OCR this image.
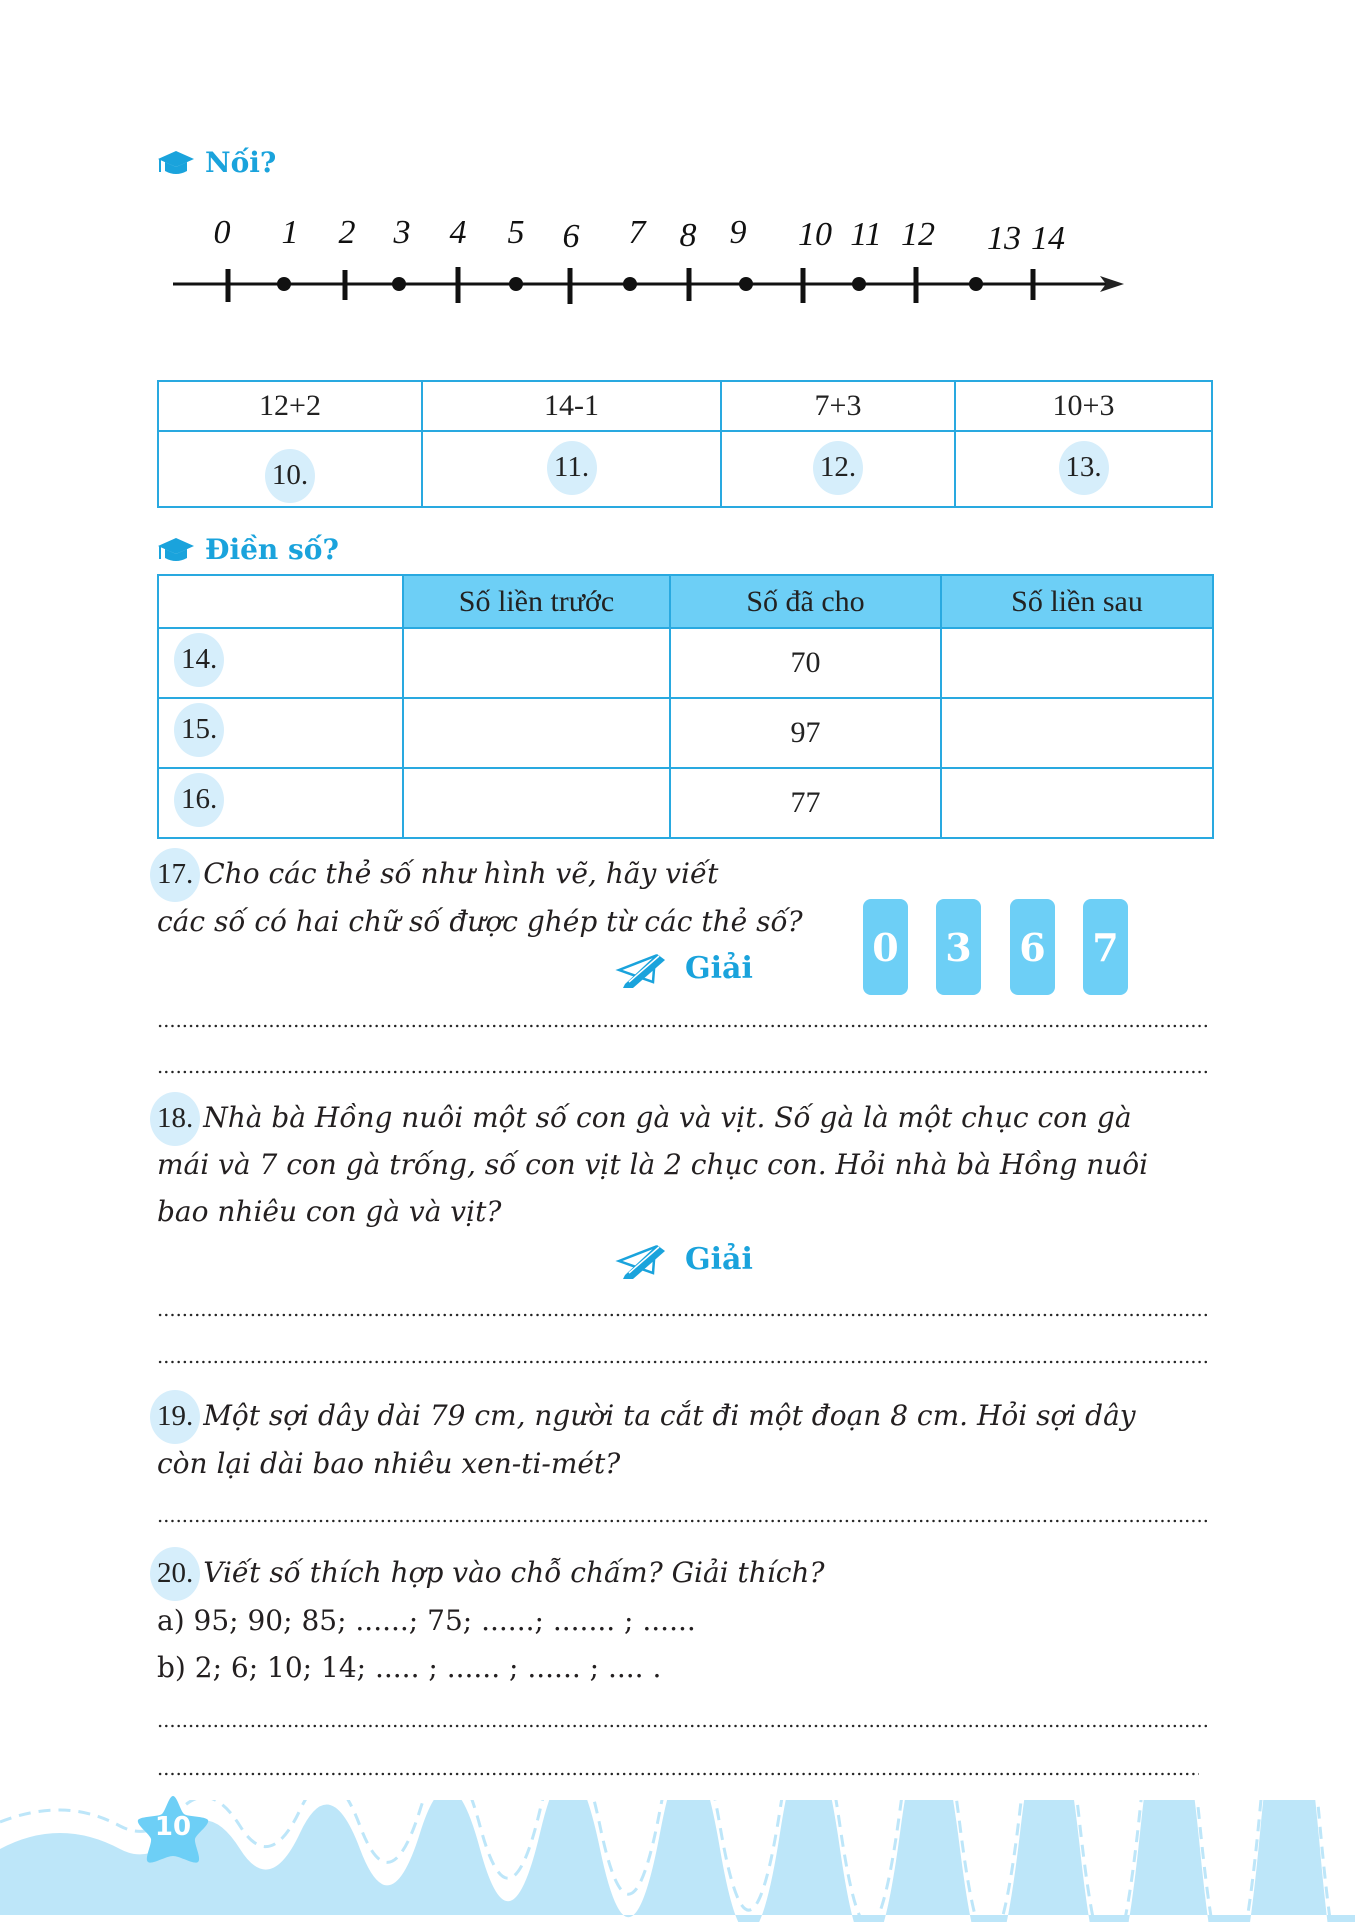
Nối?
0 1 2 3 4 5 6 7 8 9 10 11 12 13 14
12+2	14-1	7+3	10+3
10.	11.	12.	13.
Điền số?
	Số liền trước	Số đã cho	Số liền sau
14.		70	
15.		97	
16.		77	
17. Cho các thẻ số như hình vẽ, hãy viết
các số có hai chữ số được ghép từ các thẻ số?
Giải	0 3 6 7
18. Nhà bà Hồng nuôi một số con gà và vịt. Số gà là một chục con gà
mái và 7 con gà trống, số con vịt là 2 chục con. Hỏi nhà bà Hồng nuôi
bao nhiêu con gà và vịt?
Giải
19. Một sợi dây dài 79 cm, người ta cắt đi một đoạn 8 cm. Hỏi sợi dây
còn lại dài bao nhiêu xen-ti-mét?
20. Viết số thích hợp vào chỗ chấm? Giải thích?
a) 95; 90; 85; ......; 75; ......; ....... ; ......
b) 2; 6; 10; 14; ..... ; ...... ; ...... ; .... .
10
